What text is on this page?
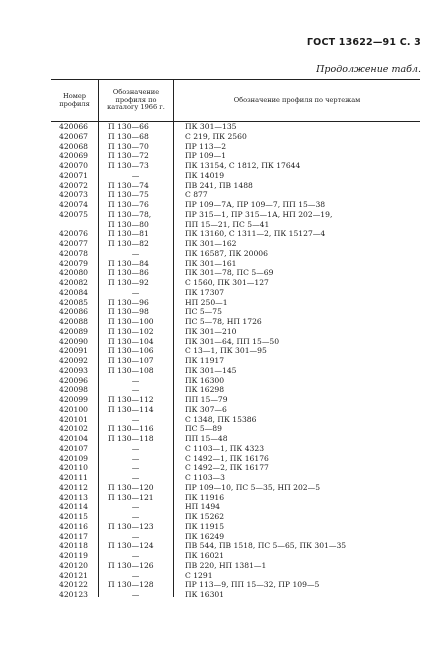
ГОСТ 13622—91 С. 3
Продолжение табл.
Номер профиля
Обозначение профиля по каталогу 1966 г.
Обозначение профиля по чертежам
420066	П 130—66	ПК 301—135
420067	П 130—68	С 219, ПК 2560
420068	П 130—70	ПР 113—2
420069	П 130—72	ПР 109—1
420070	П 130—73	ПК 13154, С 1812, ПК 17644
420071	—	ПК 14019
420072	П 130—74	ПВ 241, ПВ 1488
420073	П 130—75	С 877
420074	П 130—76	ПР 109—7А, ПР 109—7, ПП 15—38
420075	П 130—78,	ПР 315—1, ПР 315—1А, НП 202—19,
П 130—80	ПП 15—21, ПС 5—41
420076	П 130—81	ПК 13160, С 1311—2, ПК 15127—4
420077	П 130—82	ПК 301—162
420078	—	ПК 16587, ПК 20006
420079	П 130—84	ПК 301—161
420080	П 130—86	ПК 301—78, ПС 5—69
420082	П 130—92	С 1560, ПК 301—127
420084	—	ПК 17307
420085	П 130—96	НП 250—1
420086	П 130—98	ПС 5—75
420088	П 130—100	ПС 5—78, НП 1726
420089	П 130—102	ПК 301—210
420090	П 130—104	ПК 301—64, ПП 15—50
420091	П 130—106	С 13—1, ПК 301—95
420092	П 130—107	ПК 11917
420093	П 130—108	ПК 301—145
420096	—	ПК 16300
420098	—	ПК 16298
420099	П 130—112	ПП 15—79
420100	П 130—114	ПК 307—6
420101	—	С 1348, ПК 15386
420102	П 130—116	ПС 5—89
420104	П 130—118	ПП 15—48
420107	—	С 1103—1, ПК 4323
420109	—	С 1492—1, ПК 16176
420110	—	С 1492—2, ПК 16177
420111	—	С 1103—3
420112	П 130—120	ПР 109—10, ПС 5—35, НП 202—5
420113	П 130—121	ПК 11916
420114	—	НП 1494
420115	—	ПК 15262
420116	П 130—123	ПК 11915
420117	—	ПК 16249
420118	П 130—124	ПВ 544, ПВ 1518, ПС 5—65, ПК 301—35
420119	—	ПК 16021
420120	П 130—126	ПВ 220, НП 1381—1
420121	—	С 1291
420122	П 130—128	ПР 113—9, ПП 15—32, ПР 109—5
420123	—	ПК 16301
